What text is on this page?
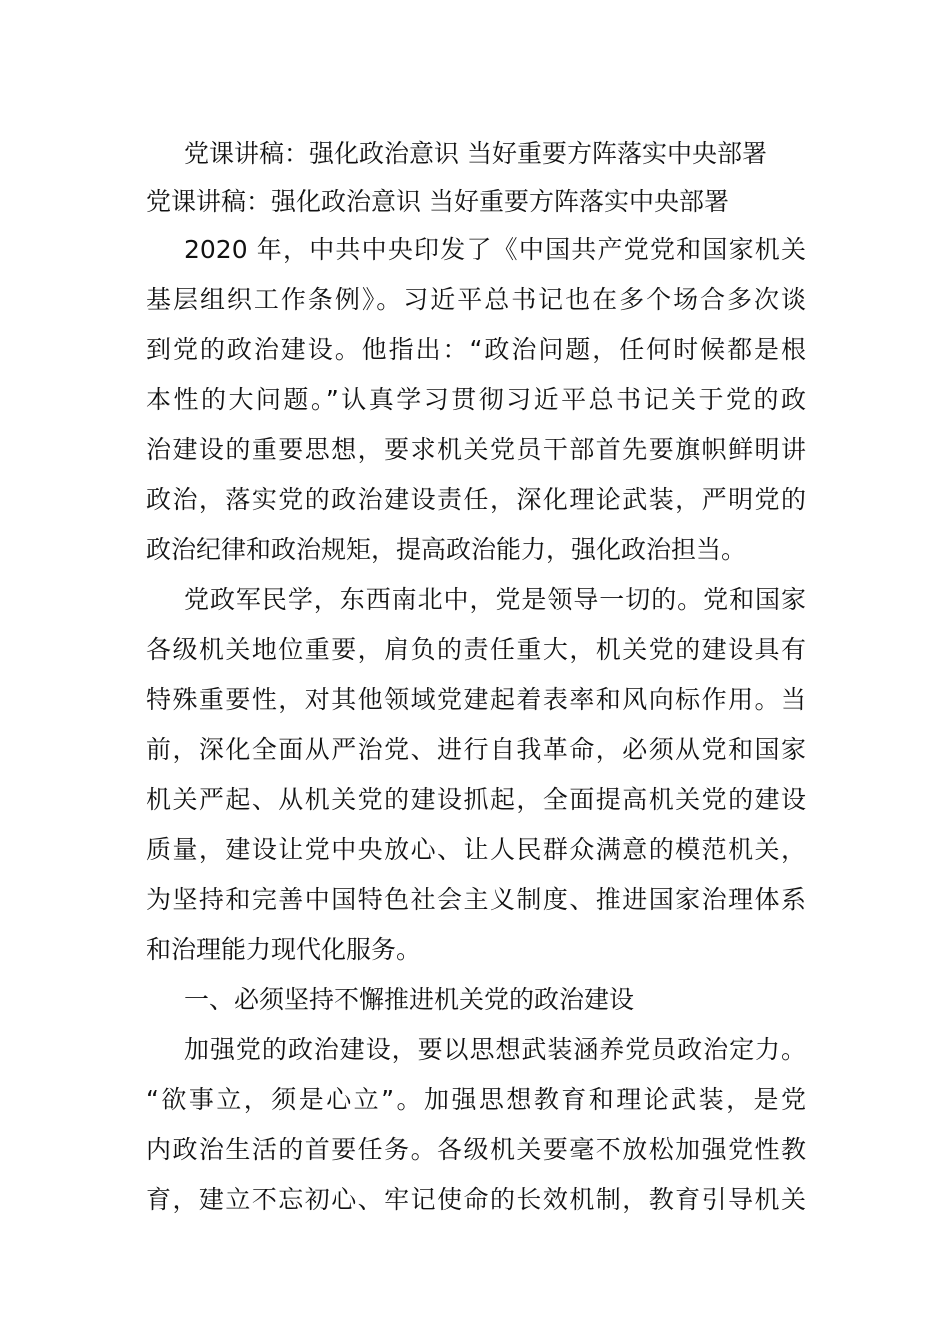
党课讲稿：强化政治意识 当好重要方阵落实中央部署
党课讲稿：强化政治意识 当好重要方阵落实中央部署
2020 年，中共中央印发了《中国共产党党和国家机关
基层组织工作条例》。习近平总书记也在多个场合多次谈
到党的政治建设。他指出：“政治问题，任何时候都是根
本性的大问题。”认真学习贯彻习近平总书记关于党的政
治建设的重要思想，要求机关党员干部首先要旗帜鲜明讲
政治，落实党的政治建设责任，深化理论武装，严明党的
政治纪律和政治规矩，提高政治能力，强化政治担当。
党政军民学，东西南北中，党是领导一切的。党和国家
各级机关地位重要，肩负的责任重大，机关党的建设具有
特殊重要性，对其他领域党建起着表率和风向标作用。当
前，深化全面从严治党、进行自我革命，必须从党和国家
机关严起、从机关党的建设抓起，全面提高机关党的建设
质量，建设让党中央放心、让人民群众满意的模范机关，
为坚持和完善中国特色社会主义制度、推进国家治理体系
和治理能力现代化服务。
一、必须坚持不懈推进机关党的政治建设
加强党的政治建设，要以思想武装涵养党员政治定力。
“欲事立，须是心立”。加强思想教育和理论武装，是党
内政治生活的首要任务。各级机关要毫不放松加强党性教
育，建立不忘初心、牢记使命的长效机制，教育引导机关
